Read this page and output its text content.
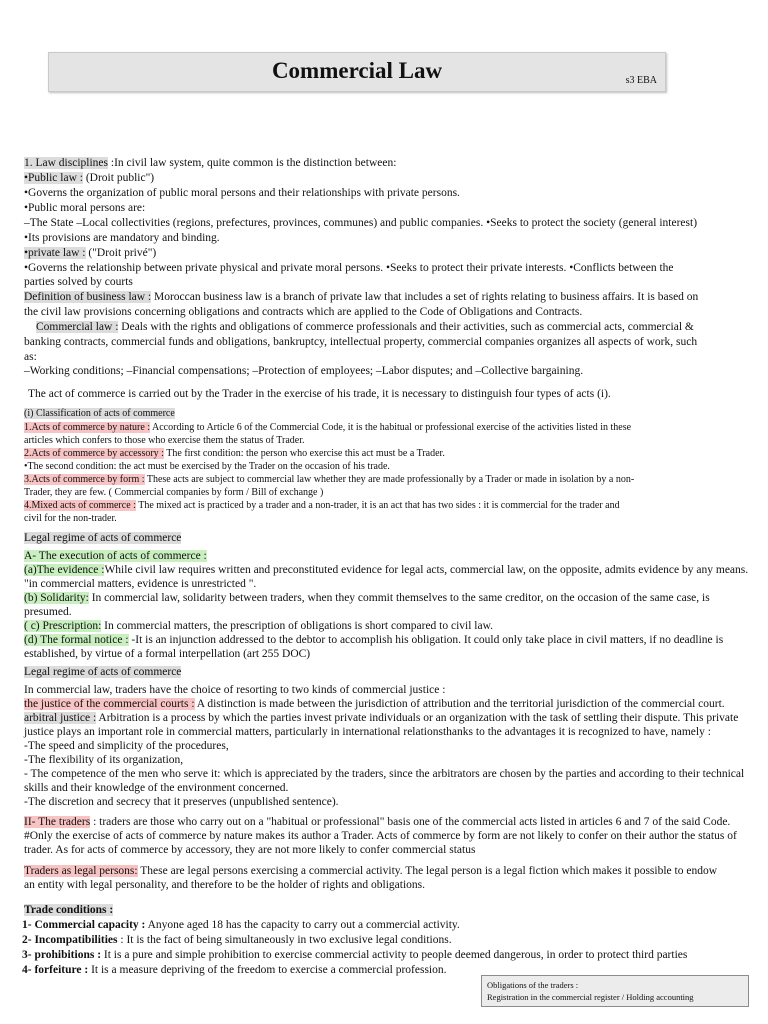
Commercial Law	s3 EBA
1. Law disciplines :In civil law system, quite common is the distinction between:
•Public law : (Droit public")
•Governs the organization of public moral persons and their relationships with private persons.
•Public moral persons are:
–The State –Local collectivities (regions, prefectures, provinces, communes) and public companies. •Seeks to protect the society (general interest)
•Its provisions are mandatory and binding.
•private law : ("Droit privé")
•Governs the relationship between private physical and private moral persons. •Seeks to protect their private interests. •Conflicts between the
parties solved by courts
Definition of business law : Moroccan business law is a branch of private law that includes a set of rights relating to business affairs. It is based on
the civil law provisions concerning obligations and contracts which are applied to the Code of Obligations and Contracts.
Commercial law : Deals with the rights and obligations of commerce professionals and their activities, such as commercial acts, commercial &
banking contracts, commercial funds and obligations, bankruptcy, intellectual property, commercial companies organizes all aspects of work, such
as:
–Working conditions; –Financial compensations; –Protection of employees; –Labor disputes; and –Collective bargaining.
The act of commerce is carried out by the Trader in the exercise of his trade, it is necessary to distinguish four types of acts (i).
(i) Classification of acts of commerce
1.Acts of commerce by nature : According to Article 6 of the Commercial Code, it is the habitual or professional exercise of the activities listed in these
articles which confers to those who exercise them the status of Trader.
2.Acts of commerce by accessory : The first condition: the person who exercise this act must be a Trader.
•The second condition: the act must be exercised by the Trader on the occasion of his trade.
3.Acts of commerce by form : These acts are subject to commercial law whether they are made professionally by a Trader or made in isolation by a non-
Trader, they are few. ( Commercial companies by form / Bill of exchange )
4.Mixed acts of commerce : The mixed act is practiced by a trader and a non-trader, it is an act that has two sides : it is commercial for the trader and
civil for the non-trader.
Legal regime of acts of commerce
A- The execution of acts of commerce :
(a)The evidence :While civil law requires written and preconstituted evidence for legal acts, commercial law, on the opposite, admits evidence by any means.
"in commercial matters, evidence is unrestricted ".
(b) Solidarity: In commercial law, solidarity between traders, when they commit themselves to the same creditor, on the occasion of the same case, is
presumed.
( c) Prescription: In commercial matters, the prescription of obligations is short compared to civil law.
(d) The formal notice : -It is an injunction addressed to the debtor to accomplish his obligation. It could only take place in civil matters, if no deadline is
established, by virtue of a formal interpellation (art 255 DOC)
Legal regime of acts of commerce
In commercial law, traders have the choice of resorting to two kinds of commercial justice :
the justice of the commercial courts : A distinction is made between the jurisdiction of attribution and the territorial jurisdiction of the commercial court.
arbitral justice : Arbitration is a process by which the parties invest private individuals or an organization with the task of settling their dispute. This private
justice plays an important role in commercial matters, particularly in international relationsthanks to the advantages it is recognized to have, namely :
-The speed and simplicity of the procedures,
-The flexibility of its organization,
- The competence of the men who serve it: which is appreciated by the traders, since the arbitrators are chosen by the parties and according to their technical
skills and their knowledge of the environment concerned.
-The discretion and secrecy that it preserves (unpublished sentence).
II- The traders : traders are those who carry out on a "habitual or professional" basis one of the commercial acts listed in articles 6 and 7 of the said Code.
#Only the exercise of acts of commerce by nature makes its author a Trader. Acts of commerce by form are not likely to confer on their author the status of
trader. As for acts of commerce by accessory, they are not more likely to confer commercial status
Traders as legal persons: These are legal persons exercising a commercial activity. The legal person is a legal fiction which makes it possible to endow
an entity with legal personality, and therefore to be the holder of rights and obligations.
Trade conditions :
1- Commercial capacity : Anyone aged 18 has the capacity to carry out a commercial activity.
2- Incompatibilities : It is the fact of being simultaneously in two exclusive legal conditions.
3- prohibitions : It is a pure and simple prohibition to exercise commercial activity to people deemed dangerous, in order to protect third parties
4- forfeiture : It is a measure depriving of the freedom to exercise a commercial profession.
Obligations of the traders :
Registration in the commercial register / Holding accounting
